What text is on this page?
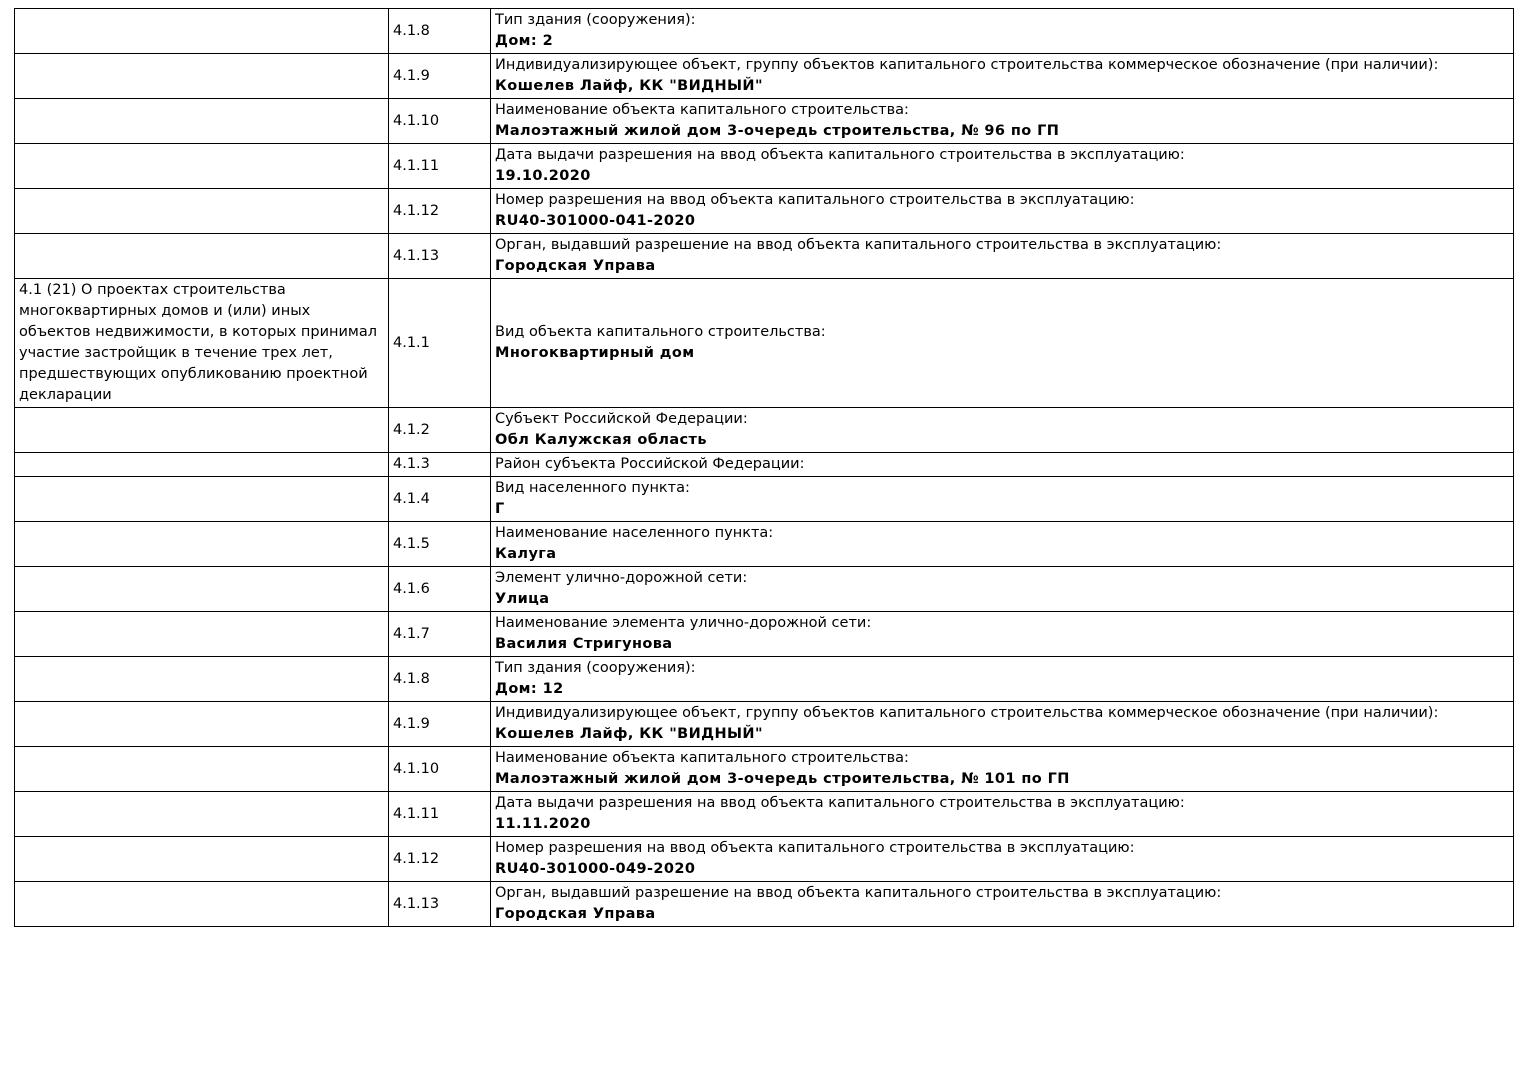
	4.1.8	Тип здания (сооружения):
Дом: 2

	4.1.9	Индивидуализирующее объект, группу объектов капитального строительства коммерческое обозначение (при наличии):
Кошелев Лайф, КК "ВИДНЫЙ"

	4.1.10	Наименование объекта капитального строительства:
Малоэтажный жилой дом 3-очередь строительства, № 96 по ГП

	4.1.11	Дата выдачи разрешения на ввод объекта капитального строительства в эксплуатацию:
19.10.2020

	4.1.12	Номер разрешения на ввод объекта капитального строительства в эксплуатацию:
RU40-301000-041-2020

	4.1.13	Орган, выдавший разрешение на ввод объекта капитального строительства в эксплуатацию:
Городская Управа

4.1 (21) О проектах строительства многоквартирных домов и (или) иных объектов недвижимости, в которых принимал участие застройщик в течение трех лет, предшествующих опубликованию проектной декларации	4.1.1	Вид объекта капитального строительства:
Многоквартирный дом

	4.1.2	Субъект Российской Федерации:
Обл Калужская область

	4.1.3	Район субъекта Российской Федерации:

	4.1.4	Вид населенного пункта:
Г

	4.1.5	Наименование населенного пункта:
Калуга

	4.1.6	Элемент улично-дорожной сети:
Улица

	4.1.7	Наименование элемента улично-дорожной сети:
Василия Стригунова

	4.1.8	Тип здания (сооружения):
Дом: 12

	4.1.9	Индивидуализирующее объект, группу объектов капитального строительства коммерческое обозначение (при наличии):
Кошелев Лайф, КК "ВИДНЫЙ"

	4.1.10	Наименование объекта капитального строительства:
Малоэтажный жилой дом 3-очередь строительства, № 101 по ГП

	4.1.11	Дата выдачи разрешения на ввод объекта капитального строительства в эксплуатацию:
11.11.2020

	4.1.12	Номер разрешения на ввод объекта капитального строительства в эксплуатацию:
RU40-301000-049-2020

	4.1.13	Орган, выдавший разрешение на ввод объекта капитального строительства в эксплуатацию:
Городская Управа
